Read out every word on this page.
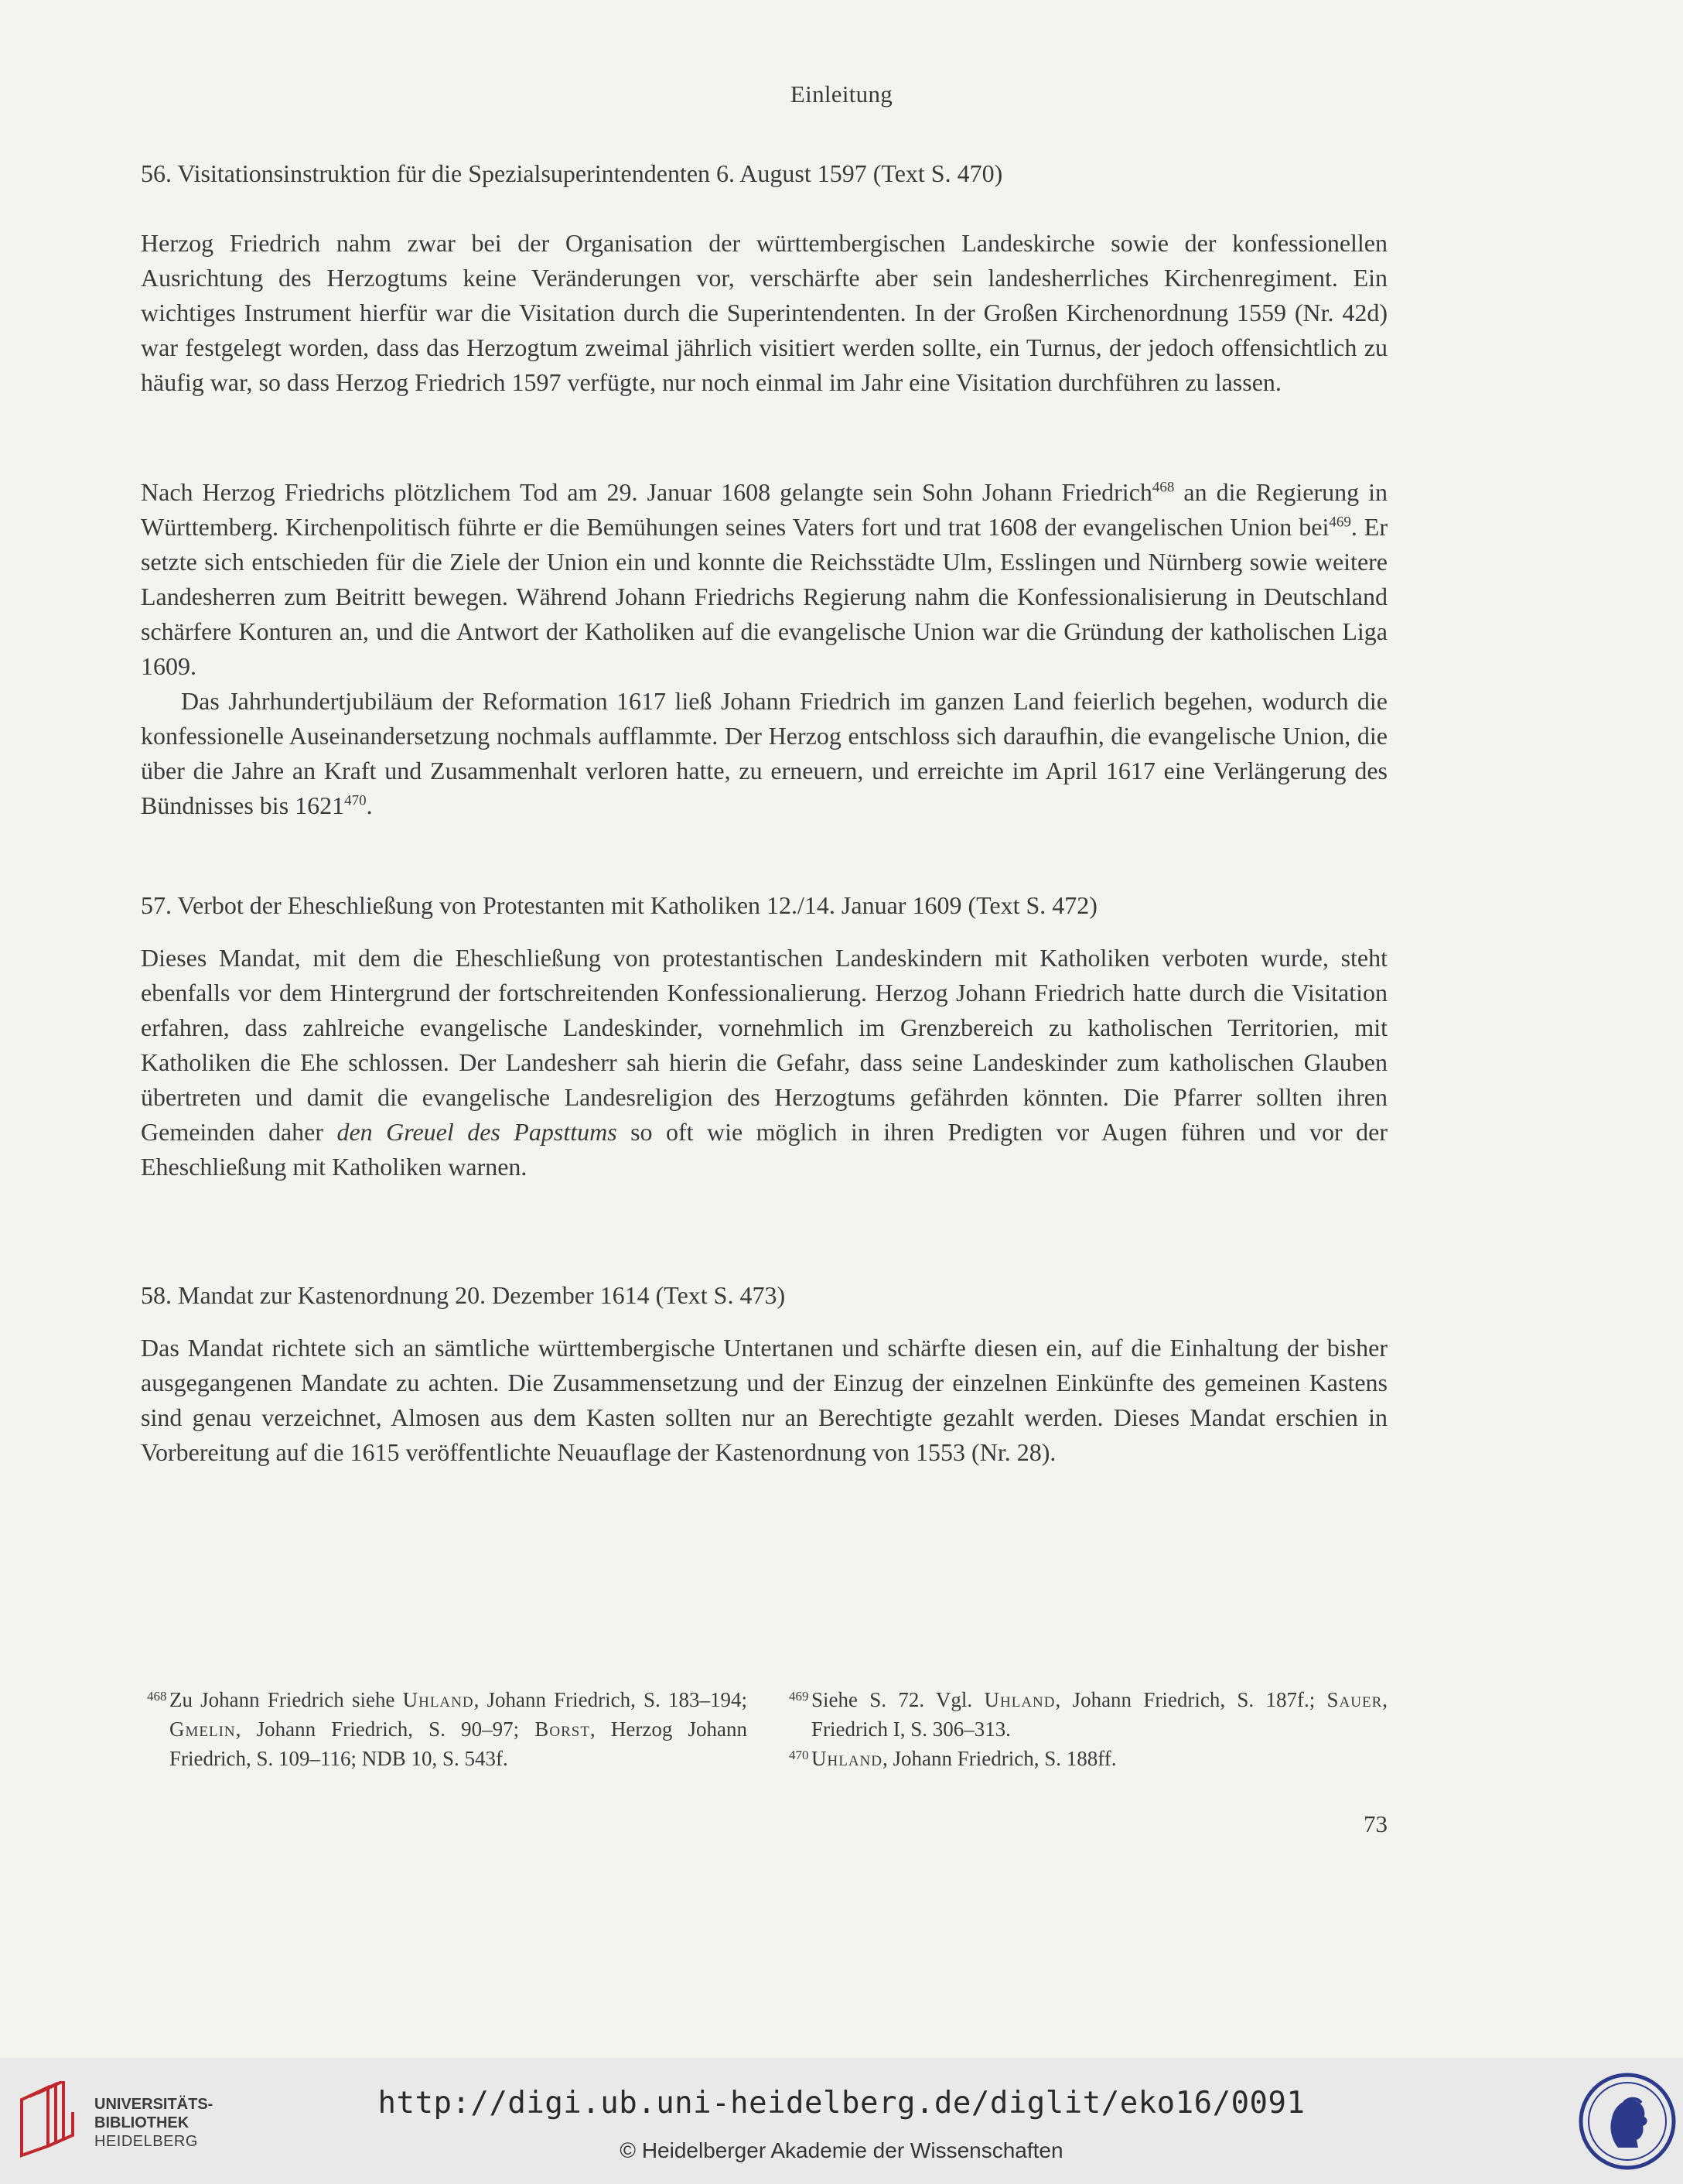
Einleitung
56. Visitationsinstruktion für die Spezialsuperintendenten 6. August 1597 (Text S. 470)

Herzog Friedrich nahm zwar bei der Organisation der württembergischen Landeskirche sowie der konfessionellen Ausrichtung des Herzogtums keine Veränderungen vor, verschärfte aber sein landesherrliches Kirchenregiment. Ein wichtiges Instrument hierfür war die Visitation durch die Superintendenten. In der Großen Kirchenordnung 1559 (Nr. 42d) war festgelegt worden, dass das Herzogtum zweimal jährlich visitiert werden sollte, ein Turnus, der jedoch offensichtlich zu häufig war, so dass Herzog Friedrich 1597 verfügte, nur noch einmal im Jahr eine Visitation durchführen zu lassen.

Nach Herzog Friedrichs plötzlichem Tod am 29. Januar 1608 gelangte sein Sohn Johann Friedrich$^{468}$ an die Regierung in Württemberg. Kirchenpolitisch führte er die Bemühungen seines Vaters fort und trat 1608 der evangelischen Union bei$^{469}$. Er setzte sich entschieden für die Ziele der Union ein und konnte die Reichsstädte Ulm, Esslingen und Nürnberg sowie weitere Landesherren zum Beitritt bewegen. Während Johann Friedrichs Regierung nahm die Konfessionalisierung in Deutschland schärfere Konturen an, und die Antwort der Katholiken auf die evangelische Union war die Gründung der katholischen Liga 1609.

Das Jahrhundertjubiläum der Reformation 1617 ließ Johann Friedrich im ganzen Land feierlich begehen, wodurch die konfessionelle Auseinandersetzung nochmals aufflammte. Der Herzog entschloss sich daraufhin, die evangelische Union, die über die Jahre an Kraft und Zusammenhalt verloren hatte, zu erneuern, und erreichte im April 1617 eine Verlängerung des Bündnisses bis 1621$^{470}$.

57. Verbot der Eheschließung von Protestanten mit Katholiken 12./14. Januar 1609 (Text S. 472)

Dieses Mandat, mit dem die Eheschließung von protestantischen Landeskindern mit Katholiken verboten wurde, steht ebenfalls vor dem Hintergrund der fortschreitenden Konfessionalierung. Herzog Johann Friedrich hatte durch die Visitation erfahren, dass zahlreiche evangelische Landeskinder, vornehmlich im Grenzbereich zu katholischen Territorien, mit Katholiken die Ehe schlossen. Der Landesherr sah hierin die Gefahr, dass seine Landeskinder zum katholischen Glauben übertreten und damit die evangelische Landesreligion des Herzogtums gefährden könnten. Die Pfarrer sollten ihren Gemeinden daher den Greuel des Papsttums so oft wie möglich in ihren Predigten vor Augen führen und vor der Eheschließung mit Katholiken warnen.

58. Mandat zur Kastenordnung 20. Dezember 1614 (Text S. 473)

Das Mandat richtete sich an sämtliche württembergische Untertanen und schärfte diesen ein, auf die Einhaltung der bisher ausgegangenen Mandate zu achten. Die Zusammensetzung und der Einzug der einzelnen Einkünfte des gemeinen Kastens sind genau verzeichnet, Almosen aus dem Kasten sollten nur an Berechtigte gezahlt werden. Dieses Mandat erschien in Vorbereitung auf die 1615 veröffentlichte Neuauflage der Kastenordnung von 1553 (Nr. 28).

468 Zu Johann Friedrich siehe Uhland, Johann Friedrich, S. 183–194; Gmelin, Johann Friedrich, S. 90–97; Borst, Herzog Johann Friedrich, S. 109–116; NDB 10, S. 543f.
469 Siehe S. 72. Vgl. Uhland, Johann Friedrich, S. 187f.; Sauer, Friedrich I, S. 306–313.
470 Uhland, Johann Friedrich, S. 188ff.
73
UNIVERSITÄTS-
BIBLIOTHEK
HEIDELBERG
http://digi.ub.uni-heidelberg.de/diglit/eko16/0091
© Heidelberger Akademie der Wissenschaften
